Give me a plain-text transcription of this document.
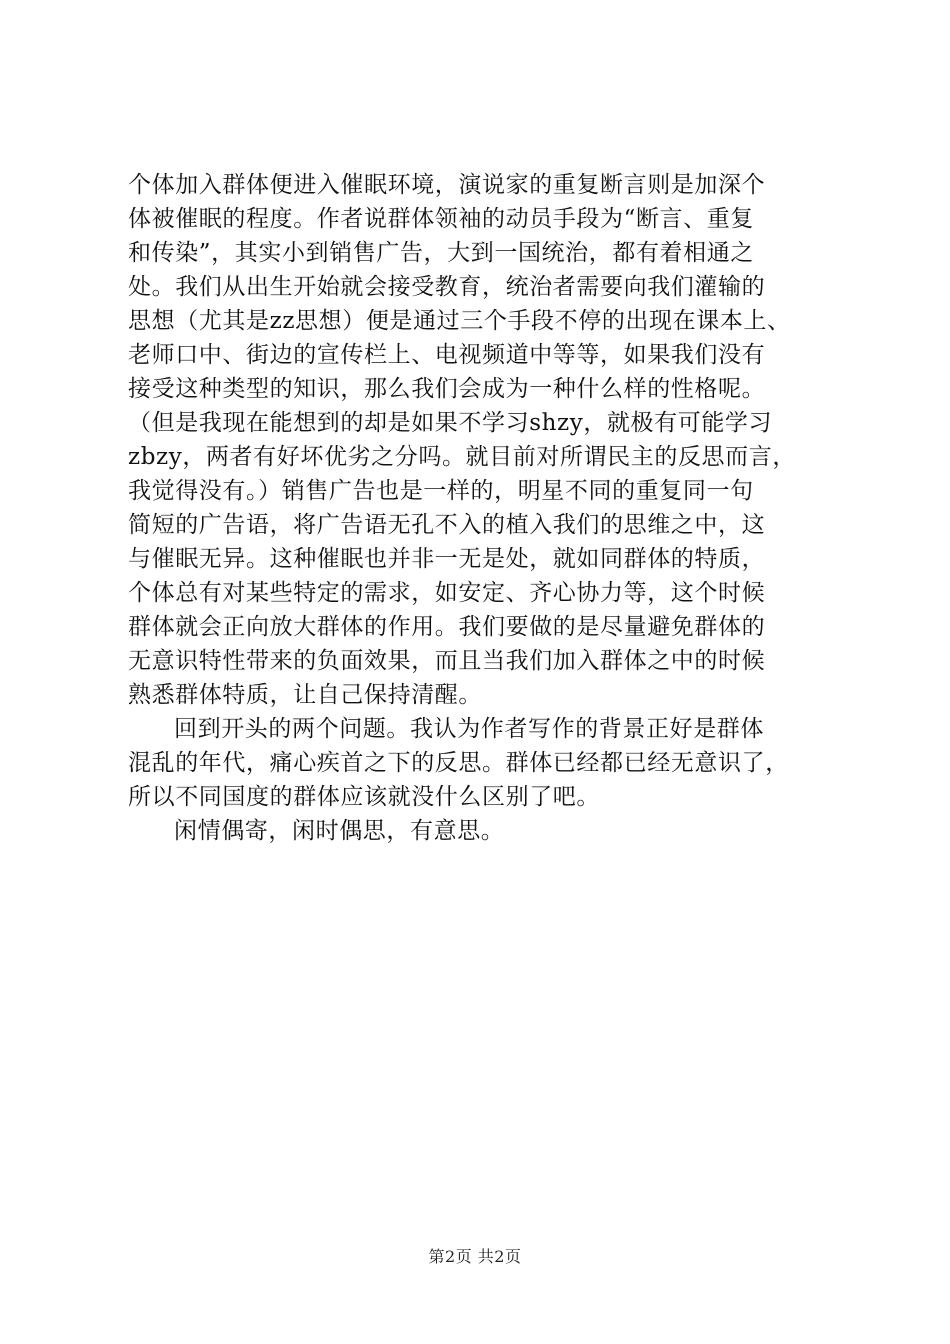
个体加入群体便进入催眠环境，演说家的重复断言则是加深个
体被催眠的程度。作者说群体领袖的动员手段为“断言、重复
和传染”，其实小到销售广告，大到一国统治，都有着相通之
处。我们从出生开始就会接受教育，统治者需要向我们灌输的
思想（尤其是zz思想）便是通过三个手段不停的出现在课本上、
老师口中、街边的宣传栏上、电视频道中等等，如果我们没有
接受这种类型的知识，那么我们会成为一种什么样的性格呢。
（但是我现在能想到的却是如果不学习shzy，就极有可能学习
zbzy，两者有好坏优劣之分吗。就目前对所谓民主的反思而言，
我觉得没有。）销售广告也是一样的，明星不同的重复同一句
简短的广告语，将广告语无孔不入的植入我们的思维之中，这
与催眠无异。这种催眠也并非一无是处，就如同群体的特质，
个体总有对某些特定的需求，如安定、齐心协力等，这个时候
群体就会正向放大群体的作用。我们要做的是尽量避免群体的
无意识特性带来的负面效果，而且当我们加入群体之中的时候
熟悉群体特质，让自己保持清醒。
回到开头的两个问题。我认为作者写作的背景正好是群体
混乱的年代，痛心疾首之下的反思。群体已经都已经无意识了，
所以不同国度的群体应该就没什么区别了吧。
闲情偶寄，闲时偶思，有意思。
第2页 共2页
